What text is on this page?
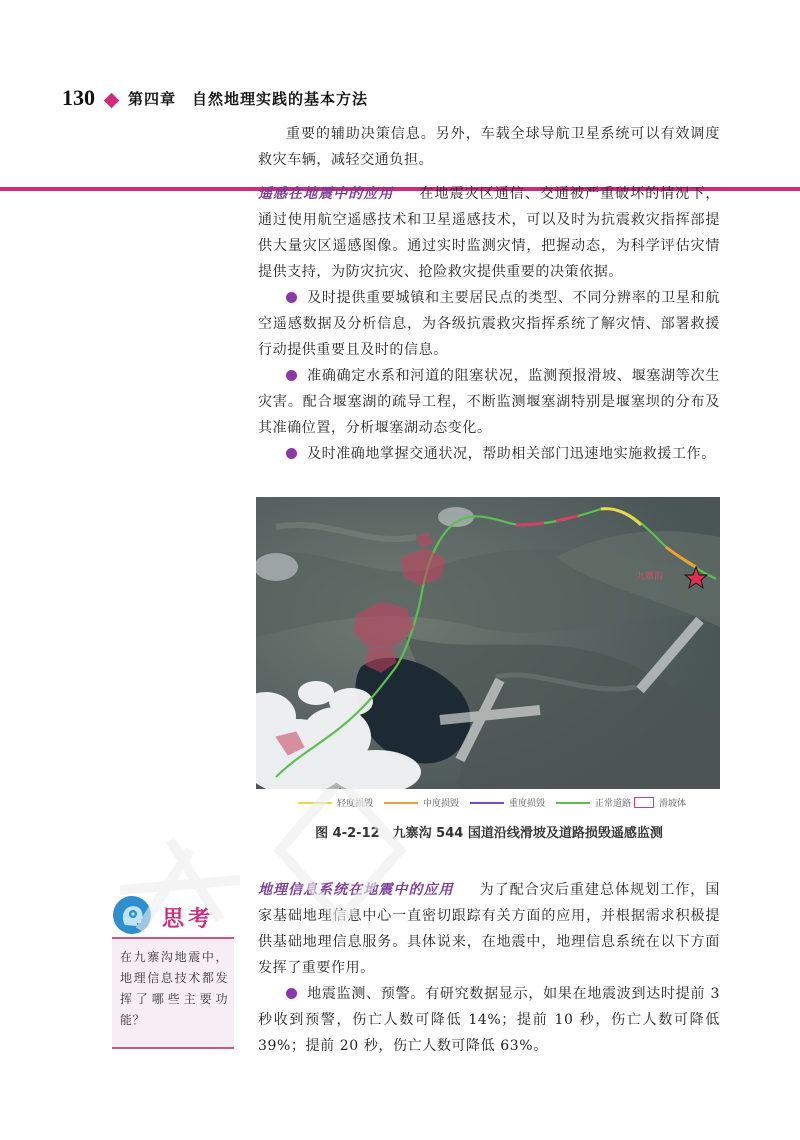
130 第四章　自然地理实践的基本方法

重要的辅助决策信息。另外，车载全球导航卫星系统可以有效调度救灾车辆，减轻交通负担。

遥感在地震中的应用 　 在地震灾区通信、交通被严重破坏的情况下，通过使用航空遥感技术和卫星遥感技术，可以及时为抗震救灾指挥部提供大量灾区遥感图像。通过实时监测灾情，把握动态，为科学评估灾情提供支持，为防灾抗灾、抢险救灾提供重要的决策依据。

及时提供重要城镇和主要居民点的类型、不同分辨率的卫星和航空遥感数据及分析信息，为各级抗震救灾指挥系统了解灾情、部署救援行动提供重要且及时的信息。

准确确定水系和河道的阻塞状况，监测预报滑坡、堰塞湖等次生灾害。配合堰塞湖的疏导工程，不断监测堰塞湖特别是堰塞坝的分布及其准确位置，分析堰塞湖动态变化。

及时准确地掌握交通状况，帮助相关部门迅速地实施救援工作。

九寨沟
轻度损毁	中度损毁	重度损毁	正常道路	滑坡体
图 4-2-12　九寨沟 544 国道沿线滑坡及道路损毁遥感监测

地理信息系统在地震中的应用 　 为了配合灾后重建总体规划工作，国家基础地理信息中心一直密切跟踪有关方面的应用，并根据需求积极提供基础地理信息服务。具体说来，在地震中，地理信息系统在以下方面发挥了重要作用。

地震监测、预警。有研究数据显示，如果在地震波到达时提前 3 秒收到预警，伤亡人数可降低 14%；提前 10 秒，伤亡人数可降低 39%；提前 20 秒，伤亡人数可降低 63%。

思考
在九寨沟地震中，地理信息技术都发挥了哪些主要功能？
